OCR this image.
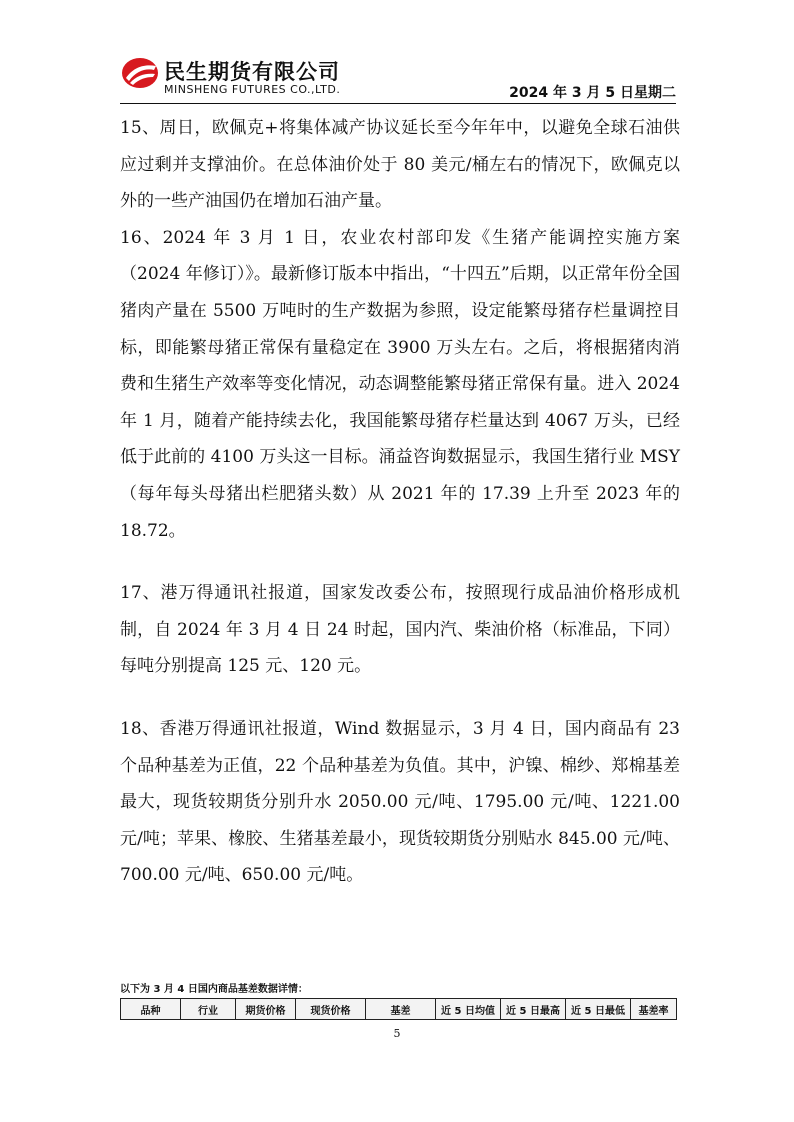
民生期货有限公司
MINSHENG FUTURES CO.,LTD.	2024 年 3 月 5 日星期二

15、周日，欧佩克+将集体减产协议延长至今年年中，以避免全球石油供应过剩并支撑油价。在总体油价处于 80 美元/桶左右的情况下，欧佩克以外的一些产油国仍在增加石油产量。

16、2024 年 3 月 1 日，农业农村部印发《生猪产能调控实施方案（2024 年修订）》。最新修订版本中指出，“十四五”后期，以正常年份全国猪肉产量在 5500 万吨时的生产数据为参照，设定能繁母猪存栏量调控目标，即能繁母猪正常保有量稳定在 3900 万头左右。之后，将根据猪肉消费和生猪生产效率等变化情况，动态调整能繁母猪正常保有量。进入 2024 年 1 月，随着产能持续去化，我国能繁母猪存栏量达到 4067 万头，已经低于此前的 4100 万头这一目标。涌益咨询数据显示，我国生猪行业 MSY（每年每头母猪出栏肥猪头数）从 2021 年的 17.39 上升至 2023 年的 18.72。

17、港万得通讯社报道，国家发改委公布，按照现行成品油价格形成机制，自 2024 年 3 月 4 日 24 时起，国内汽、柴油价格（标准品，下同）每吨分别提高 125 元、120 元。

18、香港万得通讯社报道，Wind 数据显示，3 月 4 日，国内商品有 23 个品种基差为正值，22 个品种基差为负值。其中，沪镍、棉纱、郑棉基差最大，现货较期货分别升水 2050.00 元/吨、1795.00 元/吨、1221.00 元/吨；苹果、橡胶、生猪基差最小，现货较期货分别贴水 845.00 元/吨、700.00 元/吨、650.00 元/吨。

以下为 3 月 4 日国内商品基差数据详情：
品种	行业	期货价格	现货价格	基差	近 5 日均值	近 5 日最高	近 5 日最低	基差率
5
